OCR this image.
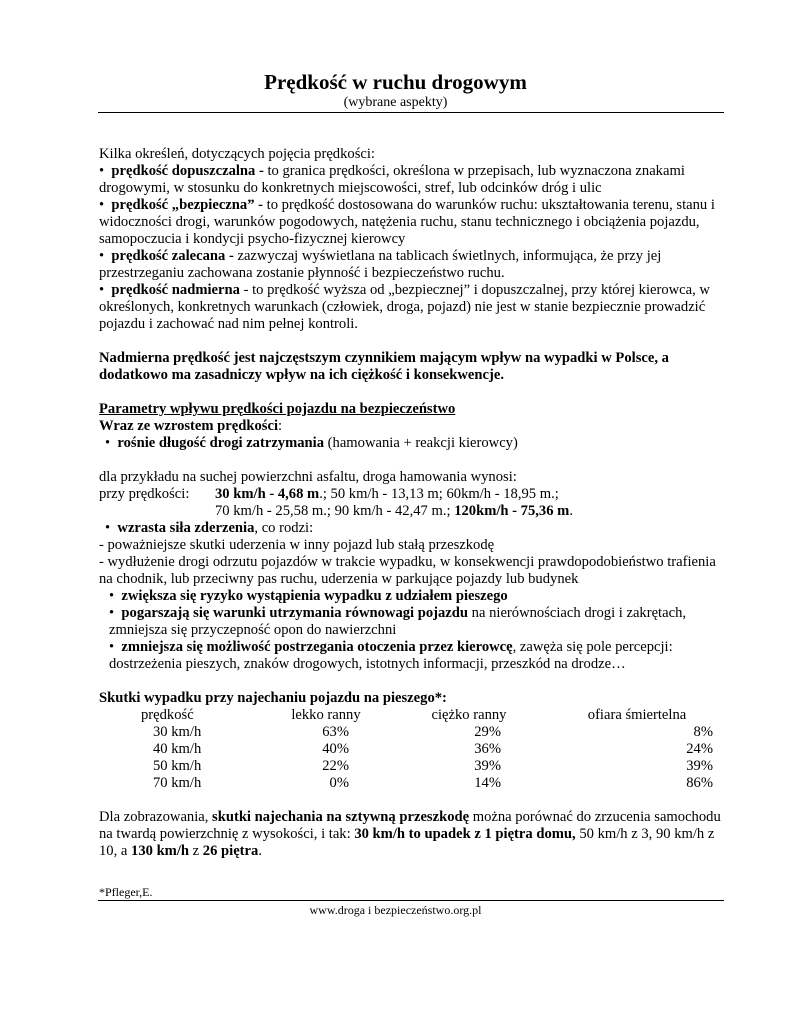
Prędkość w ruchu drogowym
(wybrane aspekty)

Kilka określeń, dotyczących pojęcia prędkości:

•  prędkość dopuszczalna - to granica prędkości, określona w przepisach, lub wyznaczona znakami drogowymi, w stosunku do konkretnych miejscowości, stref, lub odcinków dróg i ulic

•  prędkość „bezpieczna” - to prędkość dostosowana do warunków ruchu: ukształtowania terenu, stanu i widoczności drogi, warunków pogodowych, natężenia ruchu, stanu technicznego i obciążenia pojazdu, samopoczucia i kondycji psycho-fizycznej kierowcy

•  prędkość zalecana - zazwyczaj wyświetlana na tablicach świetlnych, informująca, że przy jej przestrzeganiu zachowana zostanie płynność i bezpieczeństwo ruchu.

•  prędkość nadmierna - to prędkość wyższa od „bezpiecznej” i dopuszczalnej, przy której kierowca, w określonych, konkretnych warunkach (człowiek, droga, pojazd) nie jest w stanie bezpiecznie prowadzić pojazdu i zachować nad nim pełnej kontroli.

Nadmierna prędkość jest najczęstszym czynnikiem mającym wpływ na wypadki w Polsce, a dodatkowo ma zasadniczy wpływ na ich ciężkość i konsekwencje.

Parametry wpływu prędkości pojazdu na bezpieczeństwo

Wraz ze wzrostem prędkości:

•  rośnie długość drogi zatrzymania (hamowania + reakcji kierowcy)

dla przykładu na suchej powierzchni asfaltu, droga hamowania wynosi:

przy prędkości:	30 km/h - 4,68 m.; 50 km/h - 13,13 m; 60km/h - 18,95 m.;
	70 km/h - 25,58 m.; 90 km/h - 42,47 m.; 120km/h - 75,36 m.

•  wzrasta siła zderzenia, co rodzi:

- poważniejsze skutki uderzenia w inny pojazd lub stałą przeszkodę

- wydłużenie drogi odrzutu pojazdów w trakcie wypadku, w konsekwencji prawdopodobieństwo trafienia na chodnik, lub przeciwny pas ruchu, uderzenia w parkujące pojazdy lub budynek

•  zwiększa się ryzyko wystąpienia wypadku z udziałem pieszego

•  pogarszają się warunki utrzymania równowagi pojazdu na nierównościach drogi i zakrętach, zmniejsza się przyczepność opon do nawierzchni

•  zmniejsza się możliwość postrzegania otoczenia przez kierowcę, zawęża się pole percepcji: dostrzeżenia pieszych, znaków drogowych, istotnych informacji, przeszkód na drodze…

Skutki wypadku przy najechaniu pojazdu na pieszego*:

prędkość	lekko ranny	ciężko ranny	ofiara śmiertelna
30 km/h	63%	29%	8%
40 km/h	40%	36%	24%
50 km/h	22%	39%	39%
70 km/h	0%	14%	86%

Dla zobrazowania, skutki najechania na sztywną przeszkodę można porównać do zrzucenia samochodu na twardą powierzchnię z wysokości, i tak: 30 km/h to upadek z 1 piętra domu, 50 km/h z 3, 90 km/h z 10, a 130 km/h z 26 piętra.

*Pfleger,E.
www.droga i bezpieczeństwo.org.pl
